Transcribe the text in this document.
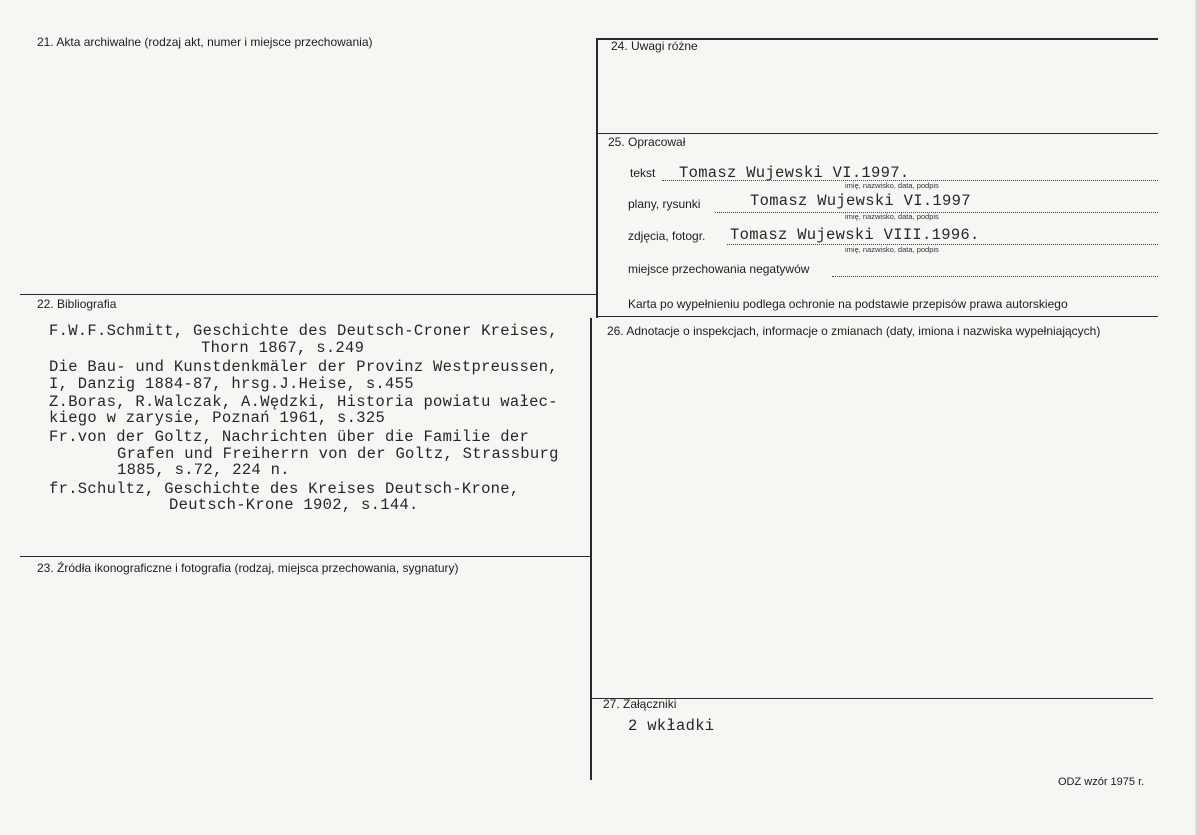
21. Akta archiwalne (rodzaj akt, numer i miejsce przechowania)
22. Bibliografia
F.W.F.Schmitt, Geschichte des Deutsch-Croner Kreises,
Thorn 1867, s.249
Die Bau- und Kunstdenkmäler der Provinz Westpreussen,
I, Danzig 1884-87, hrsg.J.Heise, s.455
Z.Boras, R.Walczak, A.Wędzki, Historia powiatu wałec-
kiego w zarysie, Poznań 1961, s.325
Fr.von der Goltz, Nachrichten über die Familie der
Grafen und Freiherrn von der Goltz, Strassburg
1885, s.72, 224 n.
fr.Schultz, Geschichte des Kreises Deutsch-Krone,
Deutsch-Krone 1902, s.144.
23. Źródła ikonograficzne i fotografia (rodzaj, miejsca przechowania, sygnatury)
24. Uwagi różne
25. Opracował
tekst Tomasz Wujewski VI.1997.
imię, nazwisko, data, podpis
plany, rysunki	Tomasz Wujewski VI.1997
imię, nazwisko, data, podpis
zdjęcia, fotogr. Tomasz Wujewski VIII.1996.
imię, nazwisko, data, podpis
miejsce przechowania negatywów
Karta po wypełnieniu podlega ochronie na podstawie przepisów prawa autorskiego
26. Adnotacje o inspekcjach, informacje o zmianach (daty, imiona i nazwiska wypełniających)
27. Załączniki
2 wkładki
ODZ wzór 1975 r.
